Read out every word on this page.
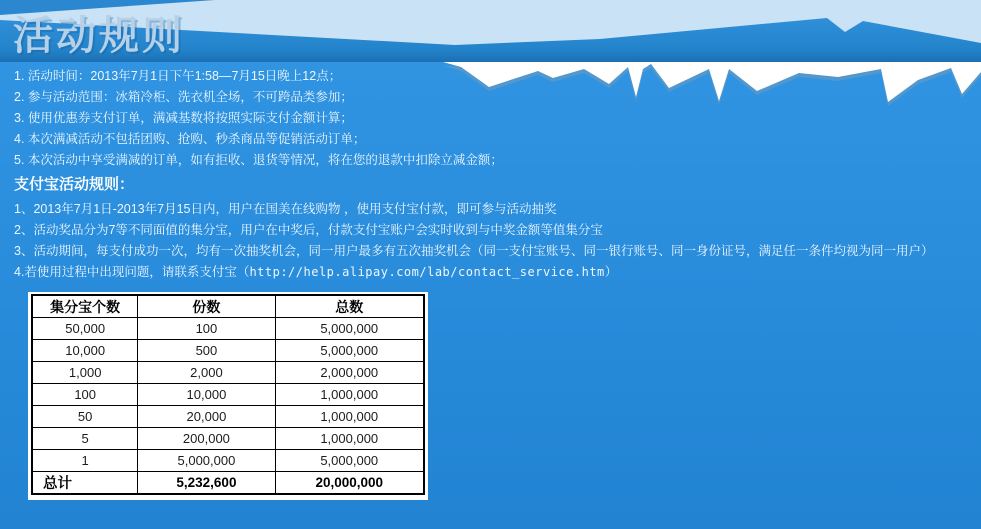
活动规则
1. 活动时间：2013年7月1日下午1:58—7月15日晚上12点；
2. 参与活动范围：冰箱冷柜、洗衣机全场，不可跨品类参加；
3. 使用优惠券支付订单，满减基数将按照实际支付金额计算；
4. 本次满减活动不包括团购、抢购、秒杀商品等促销活动订单；
5. 本次活动中享受满减的订单，如有拒收、退货等情况，将在您的退款中扣除立减金额；
支付宝活动规则：
1、2013年7月1日-2013年7月15日内，用户在国美在线购物 ，使用支付宝付款，即可参与活动抽奖
2、活动奖品分为7等不同面值的集分宝，用户在中奖后，付款支付宝账户会实时收到与中奖金额等值集分宝
3、活动期间，每支付成功一次，均有一次抽奖机会，同一用户最多有五次抽奖机会（同一支付宝账号、同一银行账号、同一身份证号，满足任一条件均视为同一用户）
4.若使用过程中出现问题，请联系支付宝（http://help.alipay.com/lab/contact_service.htm）
集分宝个数	份数	总数
50,000	100	5,000,000
10,000	500	5,000,000
1,000	2,000	2,000,000
100	10,000	1,000,000
50	20,000	1,000,000
5	200,000	1,000,000
1	5,000,000	5,000,000
总计	5,232,600	20,000,000
